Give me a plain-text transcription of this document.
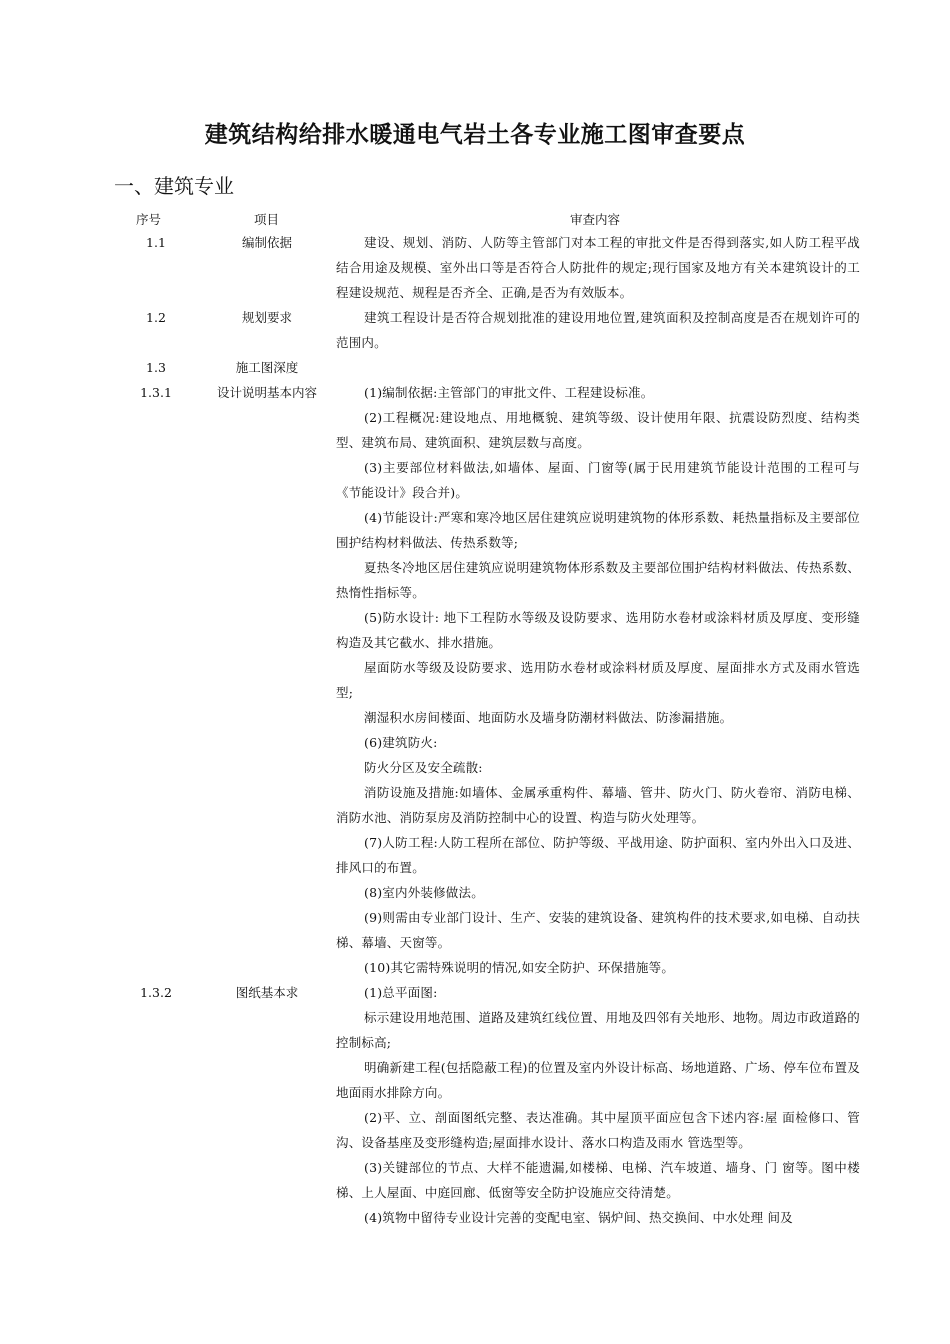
建筑结构给排水暖通电气岩土各专业施工图审查要点
一、建筑专业
序号	项目	审查内容
1.1	编制依据	建设、规划、消防、人防等主管部门对本工程的审批文件是否得到落实,如人防工程平战结合用途及规模、室外出口等是否符合人防批件的规定;现行国家及地方有关本建筑设计的工程建设规范、规程是否齐全、正确,是否为有效版本。

1.2	规划要求	建筑工程设计是否符合规划批准的建设用地位置,建筑面积及控制高度是否在规划许可的范围内。

1.3	施工图深度
1.3.1	设计说明基本内容	(1)编制依据:主管部门的审批文件、工程建设标准。

(2)工程概况:建设地点、用地概貌、建筑等级、设计使用年限、抗震设防烈度、结构类型、建筑布局、建筑面积、建筑层数与高度。

(3)主要部位材料做法,如墙体、屋面、门窗等(属于民用建筑节能设计范围的工程可与《节能设计》段合并)。

(4)节能设计:严寒和寒冷地区居住建筑应说明建筑物的体形系数、耗热量指标及主要部位围护结构材料做法、传热系数等;

夏热冬冷地区居住建筑应说明建筑物体形系数及主要部位围护结构材料做法、传热系数、热惰性指标等。

(5)防水设计: 地下工程防水等级及设防要求、选用防水卷材或涂料材质及厚度、变形缝构造及其它截水、排水措施。

屋面防水等级及设防要求、选用防水卷材或涂料材质及厚度、屋面排水方式及雨水管选型;

潮湿积水房间楼面、地面防水及墙身防潮材料做法、防渗漏措施。

(6)建筑防火:

防火分区及安全疏散:

消防设施及措施:如墙体、金属承重构件、幕墙、管井、防火门、防火卷帘、消防电梯、消防水池、消防泵房及消防控制中心的设置、构造与防火处理等。

(7)人防工程:人防工程所在部位、防护等级、平战用途、防护面积、室内外出入口及进、排风口的布置。

(8)室内外装修做法。

(9)则需由专业部门设计、生产、安装的建筑设备、建筑构件的技术要求,如电梯、自动扶梯、幕墙、天窗等。

(10)其它需特殊说明的情况,如安全防护、环保措施等。

1.3.2	图纸基本求	(1)总平面图:

标示建设用地范围、道路及建筑红线位置、用地及四邻有关地形、地物。周边市政道路的控制标高;

明确新建工程(包括隐蔽工程)的位置及室内外设计标高、场地道路、广场、停车位布置及地面雨水排除方向。

(2)平、立、剖面图纸完整、表达准确。其中屋顶平面应包含下述内容:屋 面检修口、管沟、设备基座及变形缝构造;屋面排水设计、落水口构造及雨水 管选型等。

(3)关键部位的节点、大样不能遗漏,如楼梯、电梯、汽车坡道、墙身、门 窗等。图中楼梯、上人屋面、中庭回廊、低窗等安全防护设施应交待清楚。

(4)筑物中留待专业设计完善的变配电室、锅炉间、热交换间、中水处理 间及
